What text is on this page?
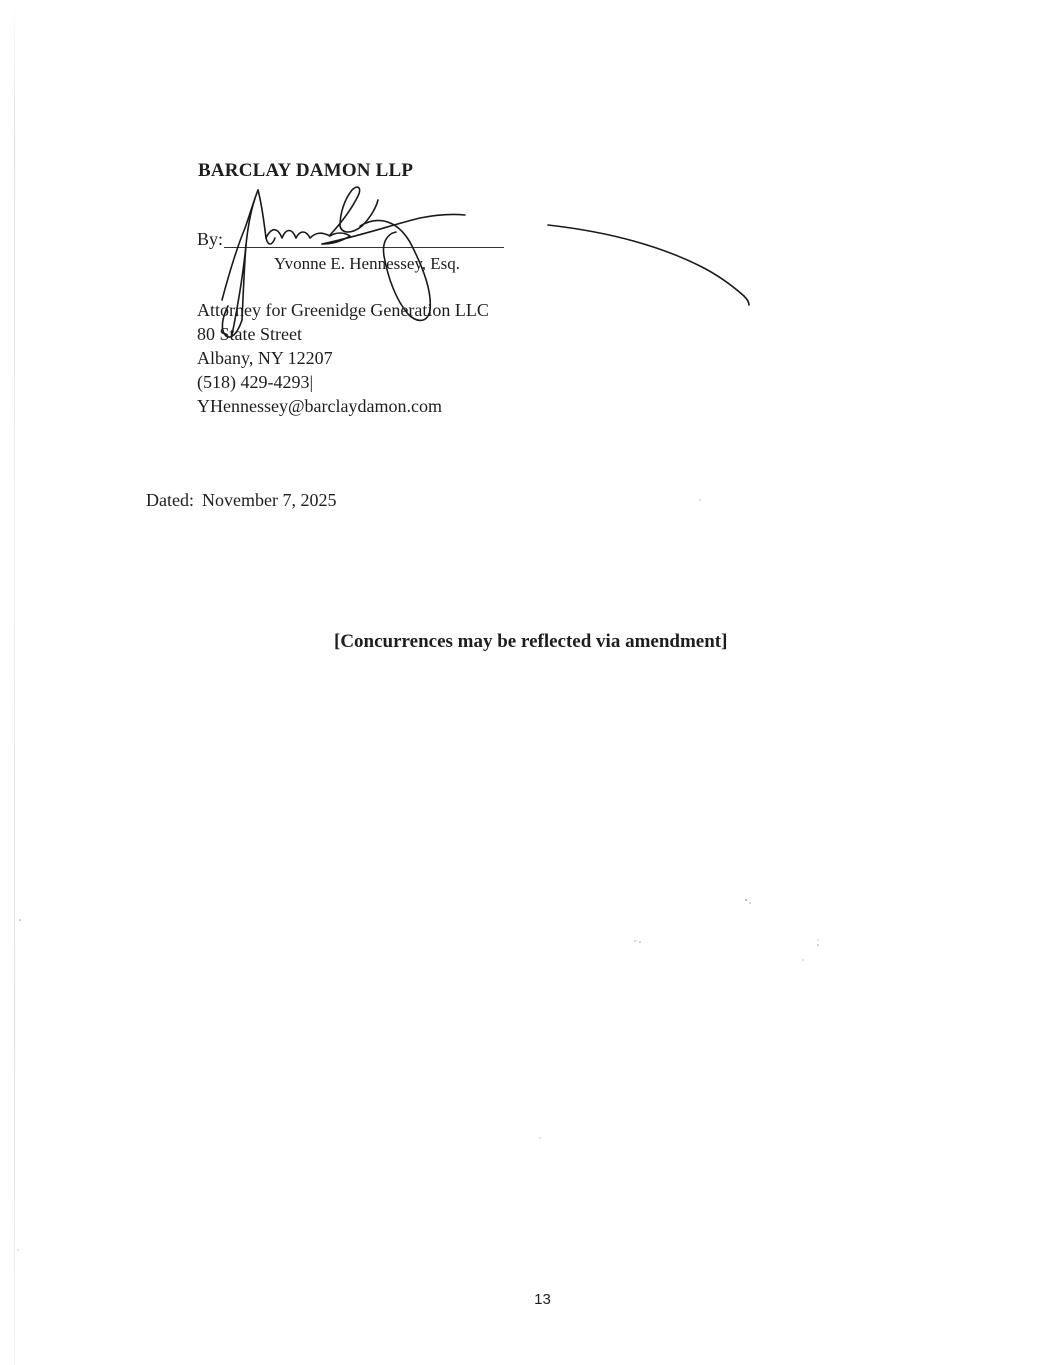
BARCLAY DAMON LLP
By:
Yvonne E. Hennessey, Esq.
Attorney for Greenidge Generation LLC
80 State Street
Albany, NY 12207
(518) 429-4293|
YHennessey@barclaydamon.com
Dated: November 7, 2025
[Concurrences may be reflected via amendment]
13
